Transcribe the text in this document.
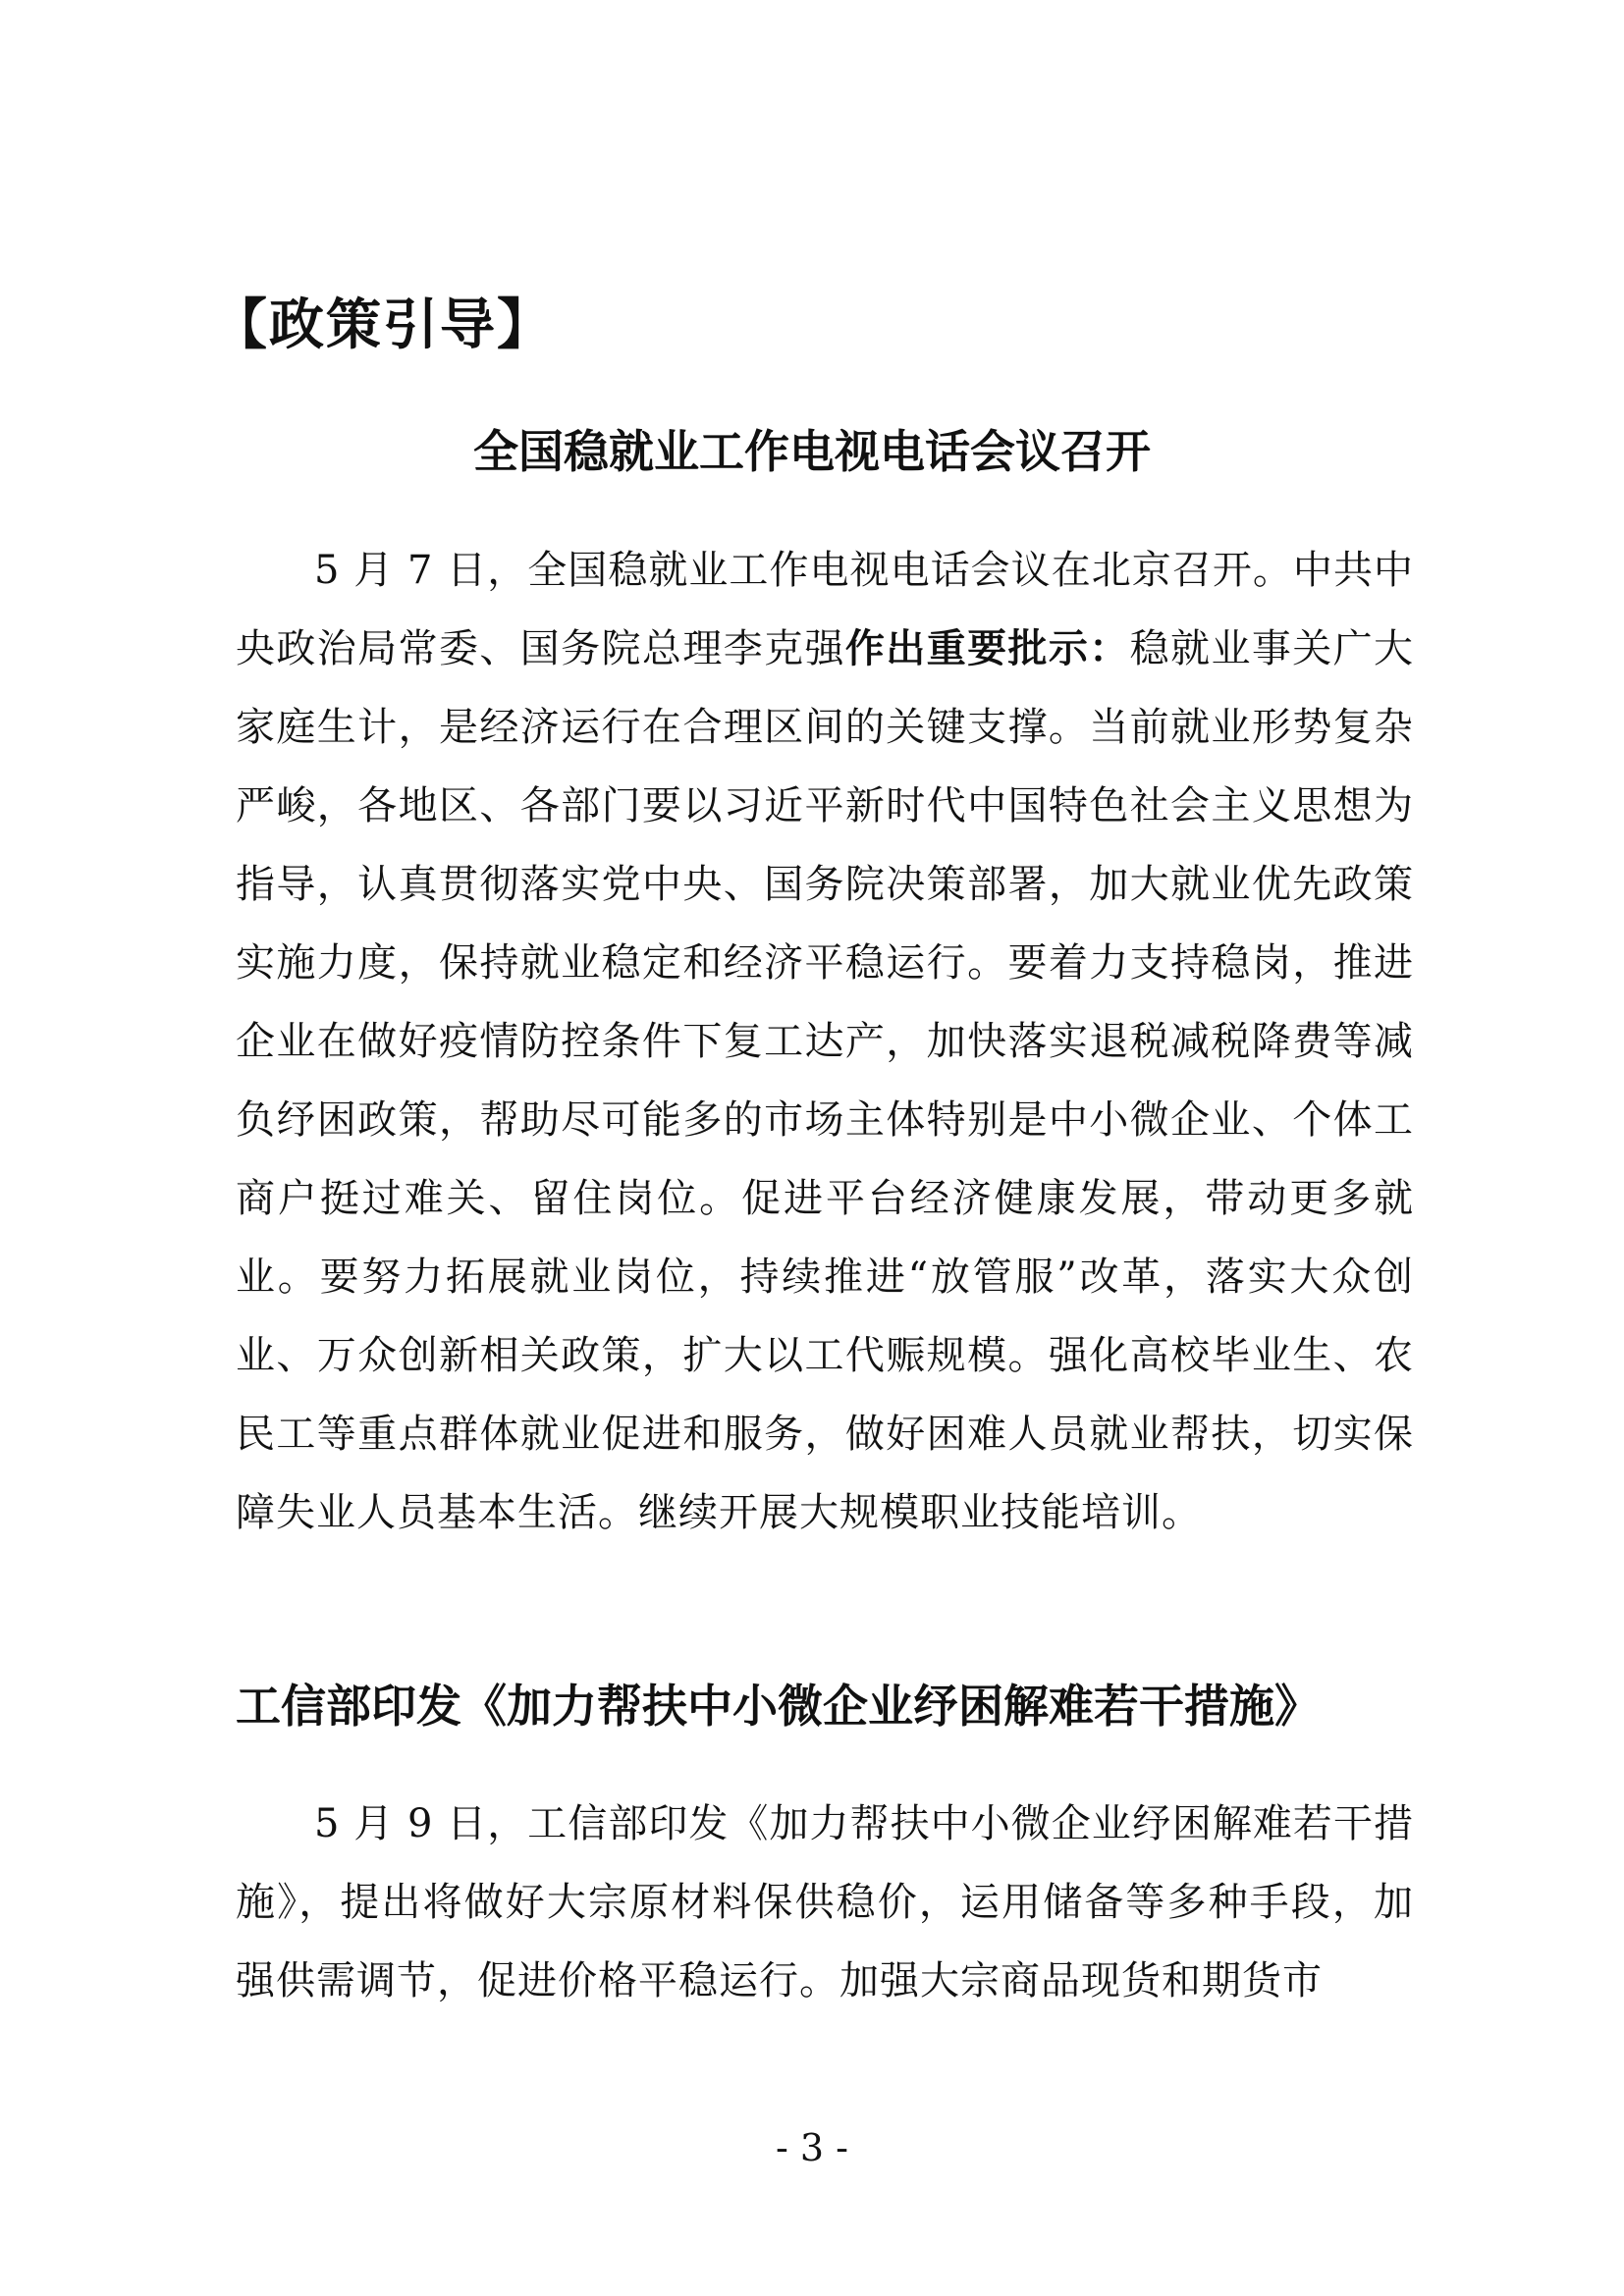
【政策引导】
全国稳就业工作电视电话会议召开

5 月 7 日，全国稳就业工作电视电话会议在北京召开。中共中央政治局常委、国务院总理李克强作出重要批示：稳就业事关广大家庭生计，是经济运行在合理区间的关键支撑。当前就业形势复杂严峻，各地区、各部门要以习近平新时代中国特色社会主义思想为指导，认真贯彻落实党中央、国务院决策部署，加大就业优先政策实施力度，保持就业稳定和经济平稳运行。要着力支持稳岗，推进企业在做好疫情防控条件下复工达产，加快落实退税减税降费等减负纾困政策，帮助尽可能多的市场主体特别是中小微企业、个体工商户挺过难关、留住岗位。促进平台经济健康发展，带动更多就业。要努力拓展就业岗位，持续推进“放管服”改革，落实大众创业、万众创新相关政策，扩大以工代赈规模。强化高校毕业生、农民工等重点群体就业促进和服务，做好困难人员就业帮扶，切实保障失业人员基本生活。继续开展大规模职业技能培训。

工信部印发《加力帮扶中小微企业纾困解难若干措施》

5 月 9 日，工信部印发《加力帮扶中小微企业纾困解难若干措施》，提出将做好大宗原材料保供稳价，运用储备等多种手段，加强供需调节，促进价格平稳运行。加强大宗商品现货和期货市

- 3 -
